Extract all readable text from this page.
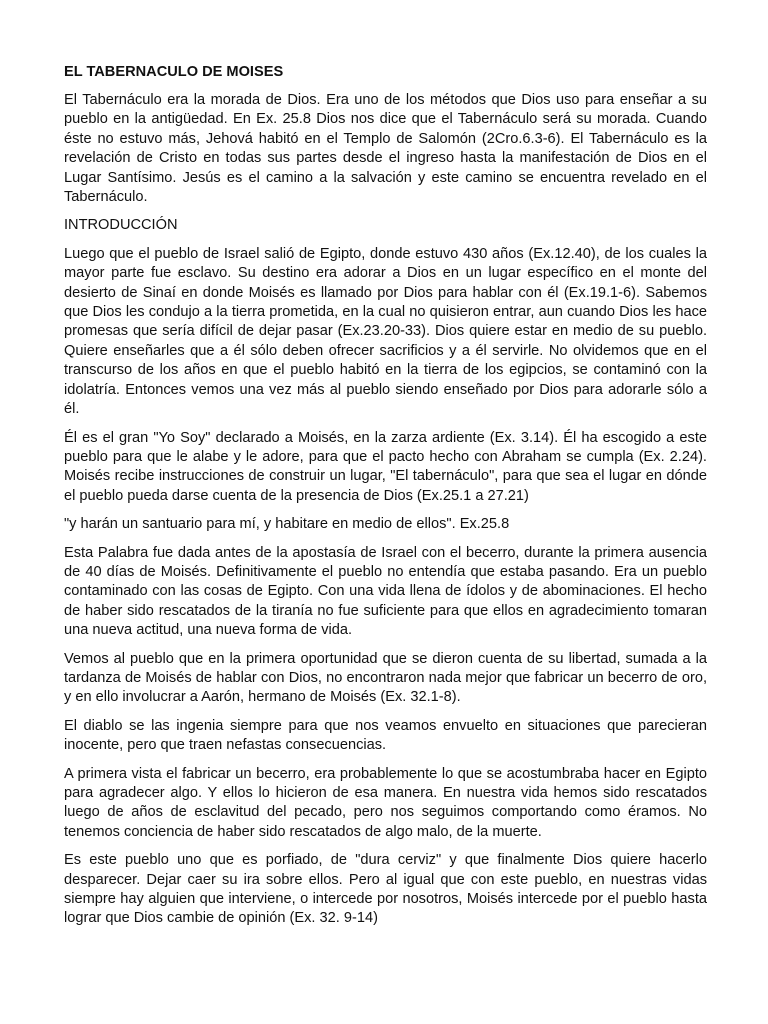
EL TABERNACULO DE MOISES

El Tabernáculo era la morada de Dios. Era uno de los métodos que Dios uso para enseñar a su pueblo en la antigüedad. En Ex. 25.8 Dios nos dice que el Tabernáculo será su morada. Cuando éste no estuvo más, Jehová habitó en el Templo de Salomón (2Cro.6.3-6). El Tabernáculo es la revelación de Cristo en todas sus partes desde el ingreso hasta la manifestación de Dios en el Lugar Santísimo. Jesús es el camino a la salvación y este camino se encuentra revelado en el Tabernáculo.

INTRODUCCIÓN

Luego que el pueblo de Israel salió de Egipto, donde estuvo 430 años (Ex.12.40), de los cuales la mayor parte fue esclavo. Su destino era adorar a Dios en un lugar específico en el monte del desierto de Sinaí en donde Moisés es llamado por Dios para hablar con él (Ex.19.1-6). Sabemos que Dios les condujo a la tierra prometida, en la cual no quisieron entrar, aun cuando Dios les hace promesas que sería difícil de dejar pasar (Ex.23.20-33). Dios quiere estar en medio de su pueblo. Quiere enseñarles que a él sólo deben ofrecer sacrificios y a él servirle. No olvidemos que en el transcurso de los años en que el pueblo habitó en la tierra de los egipcios, se contaminó con la idolatría. Entonces vemos una vez más al pueblo siendo enseñado por Dios para adorarle sólo a él.

Él es el gran "Yo Soy" declarado a Moisés, en la zarza ardiente (Ex. 3.14). Él ha escogido a este pueblo para que le alabe y le adore, para que el pacto hecho con Abraham se cumpla (Ex. 2.24). Moisés recibe instrucciones de construir un lugar, "El tabernáculo", para que sea el lugar en dónde el pueblo pueda darse cuenta de la presencia de Dios (Ex.25.1 a 27.21)

"y harán un santuario para mí, y habitare en medio de ellos". Ex.25.8

Esta Palabra fue dada antes de la apostasía de Israel con el becerro, durante la primera ausencia de 40 días de Moisés. Definitivamente el pueblo no entendía que estaba pasando. Era un pueblo contaminado con las cosas de Egipto. Con una vida llena de ídolos y de abominaciones. El hecho de haber sido rescatados de la tiranía no fue suficiente para que ellos en agradecimiento tomaran una nueva actitud, una nueva forma de vida.

Vemos al pueblo que en la primera oportunidad que se dieron cuenta de su libertad, sumada a la tardanza de Moisés de hablar con Dios, no encontraron nada mejor que fabricar un becerro de oro, y en ello involucrar a Aarón, hermano de Moisés (Ex. 32.1-8).

El diablo se las ingenia siempre para que nos veamos envuelto en situaciones que parecieran inocente, pero que traen nefastas consecuencias.

A primera vista el fabricar un becerro, era probablemente lo que se acostumbraba hacer en Egipto para agradecer algo. Y ellos lo hicieron de esa manera. En nuestra vida hemos sido rescatados luego de años de esclavitud del pecado, pero nos seguimos comportando como éramos. No tenemos conciencia de haber sido rescatados de algo malo, de la muerte.

Es este pueblo uno que es porfiado, de "dura cerviz" y que finalmente Dios quiere hacerlo desparecer. Dejar caer su ira sobre ellos. Pero al igual que con este pueblo, en nuestras vidas siempre hay alguien que interviene, o intercede por nosotros, Moisés intercede por el pueblo hasta lograr que Dios cambie de opinión (Ex. 32. 9-14)
